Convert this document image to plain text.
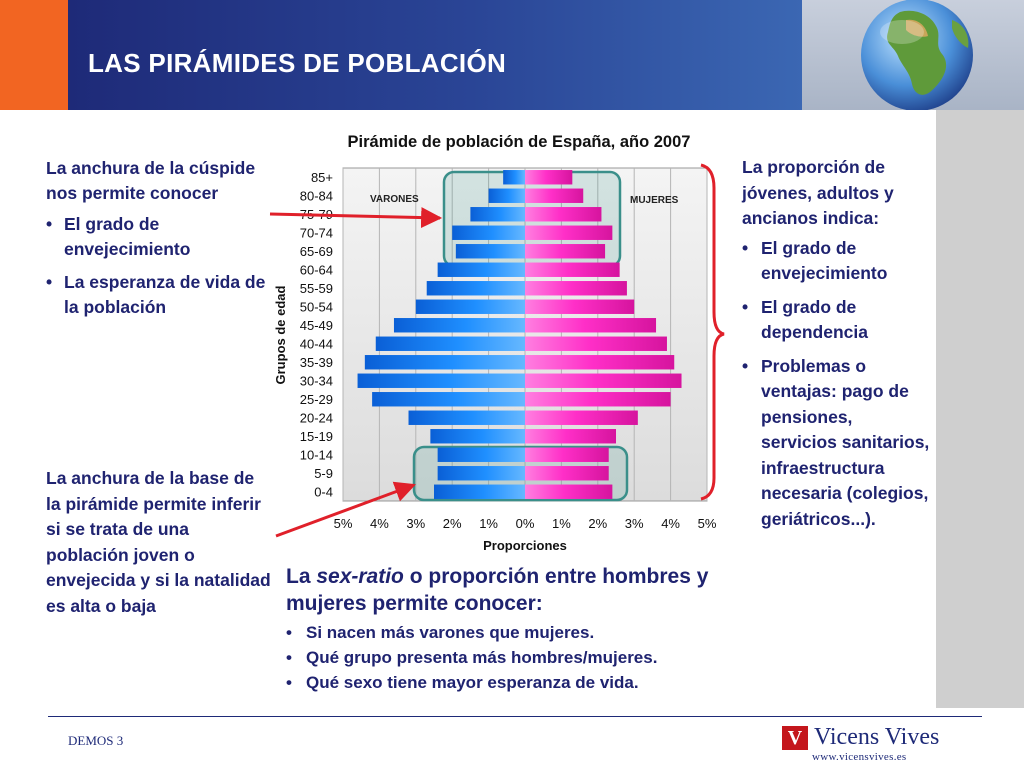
LAS PIRÁMIDES DE POBLACIÓN
La anchura de la cúspide nos permite conocer
• El grado de envejecimiento
• La esperanza de vida de la población
La anchura de la base de la pirámide permite inferir si se trata de una población joven o envejecida y si la natalidad es alta o baja
La proporción de jóvenes, adultos y ancianos indica:
• El grado de envejecimiento
• El grado de dependencia
• Problemas o ventajas: pago de pensiones, servicios sanitarios, infraestructura necesaria (colegios, geriátricos...).
La sex-ratio o proporción entre hombres y mujeres permite conocer:
• Si nacen más varones que mujeres.
• Qué grupo presenta más hombres/mujeres.
• Qué sexo tiene mayor esperanza de vida.
Pirámide de población de España, año 2007
0-4
5-9
10-14
15-19
20-24
25-29
30-34
35-39
40-44
45-49
50-54
55-59
60-64
65-69
70-74
80-84
85+
5% 4% 3% 2% 1% 0% 1% 2% 3% 4% 5%
VARONES	MUJERES
Grupos de edad
Proporciones
DEMOS 3	V Vicens Vives
www.vicensvives.es
